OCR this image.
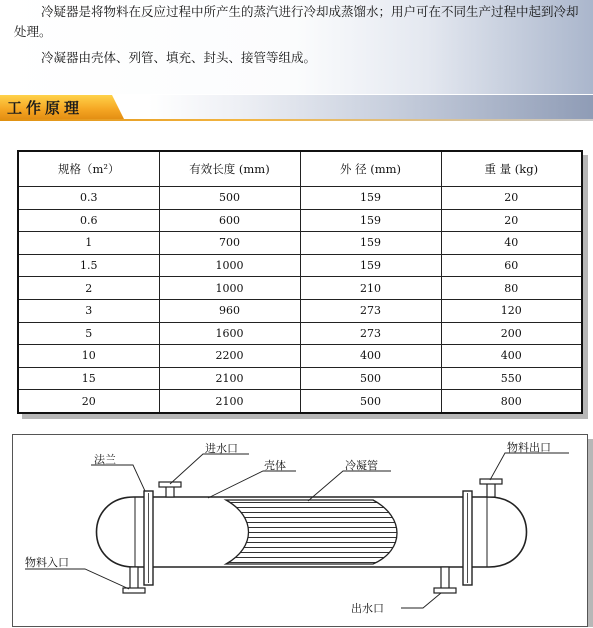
冷疑器是将物料在反应过程中所产生的蒸汽进行冷却成蒸馏水；用户可在不同生产过程中起到冷却处理。

冷凝器由壳体、列管、填充、封头、接管等组成。

工作原理
规格（m²）	有效长度 (mm)	外 径 (mm)	重 量 (kg)
0.3	500	159	20
0.6	600	159	20
1	700	159	40
1.5	1000	159	60
2	1000	210	80
3	960	273	120
5	1600	273	200
10	2200	400	400
15	2100	500	550
20	2100	500	800
法兰
进水口
壳体	冷凝管
物料出口
物料入口
出水口
